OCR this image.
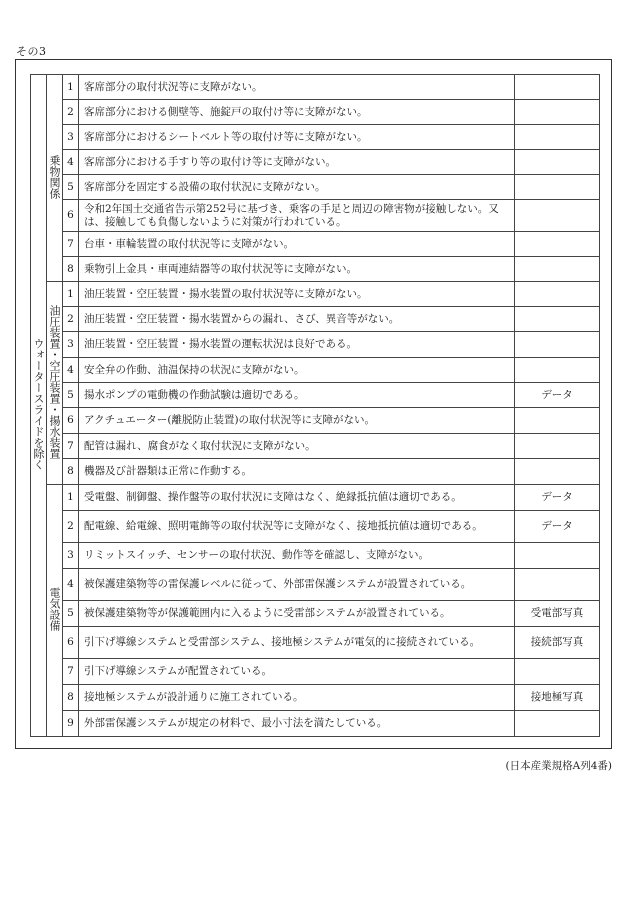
その3
ウォータースライドを除く	乗物関係	1	客席部分の取付状況等に支障がない。	
		2	客席部分における側壁等、施錠戸の取付け等に支障がない。	
		3	客席部分におけるシートベルト等の取付け等に支障がない。	
		4	客席部分における手すり等の取付け等に支障がない。	
		5	客席部分を固定する設備の取付状況に支障がない。	
		6	令和2年国土交通省告示第252号に基づき、乗客の手足と周辺の障害物が接触しない。又は、接触しても負傷しないように対策が行われている。	
		7	台車・車輪装置の取付状況等に支障がない。	
		8	乗物引上金具・車両連結器等の取付状況等に支障がない。	
	油圧装置・空圧装置・揚水装置	1	油圧装置・空圧装置・揚水装置の取付状況等に支障がない。	
		2	油圧装置・空圧装置・揚水装置からの漏れ、さび、異音等がない。	
		3	油圧装置・空圧装置・揚水装置の運転状況は良好である。	
		4	安全弁の作動、油温保持の状況に支障がない。	
		5	揚水ポンプの電動機の作動試験は適切である。	データ
		6	アクチュエーター(離脱防止装置)の取付状況等に支障がない。	
		7	配管は漏れ、腐食がなく取付状況に支障がない。	
		8	機器及び計器類は正常に作動する。	
	電気設備	1	受電盤、制御盤、操作盤等の取付状況に支障はなく、絶縁抵抗値は適切である。	データ
		2	配電線、給電線、照明電飾等の取付状況等に支障がなく、接地抵抗値は適切である。	データ
		3	リミットスイッチ、センサーの取付状況、動作等を確認し、支障がない。	
		4	被保護建築物等の雷保護レベルに従って、外部雷保護システムが設置されている。	
		5	被保護建築物等が保護範囲内に入るように受雷部システムが設置されている。	受電部写真
		6	引下げ導線システムと受雷部システム、接地極システムが電気的に接続されている。	接続部写真
		7	引下げ導線システムが配置されている。	
		8	接地極システムが設計通りに施工されている。	接地極写真
		9	外部雷保護システムが規定の材料で、最小寸法を満たしている。	
(日本産業規格A列4番)
